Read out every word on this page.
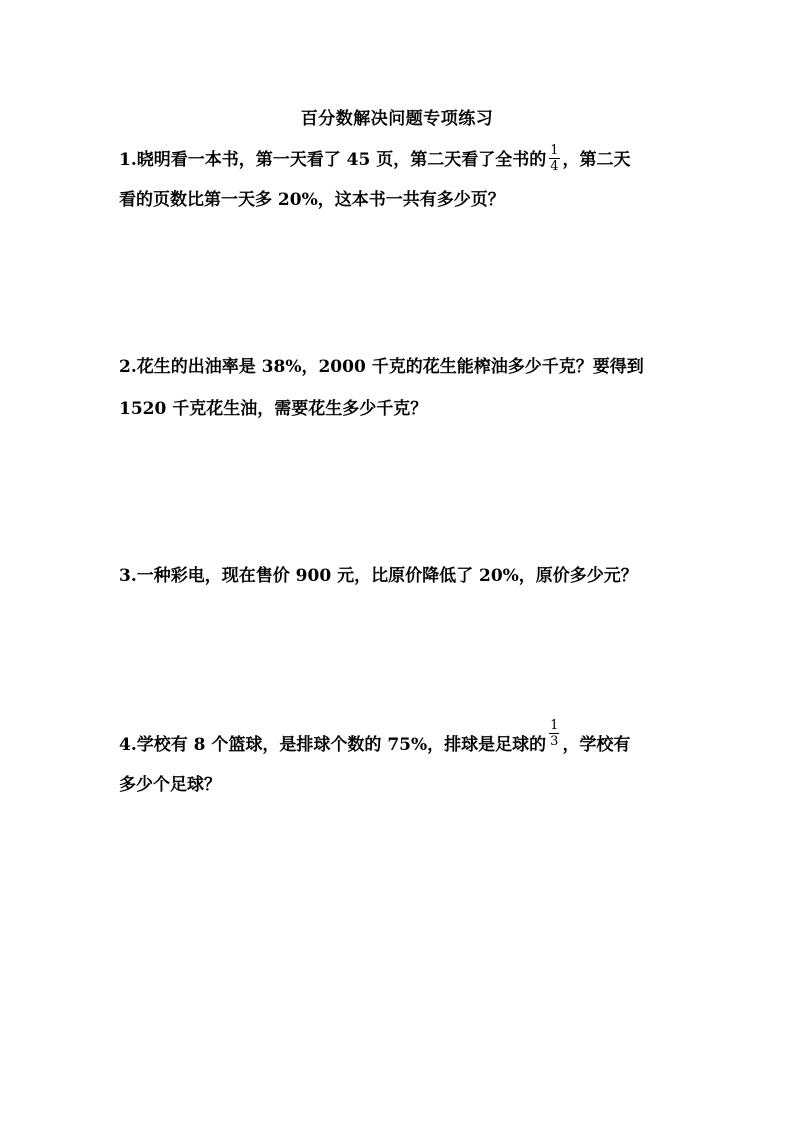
百分数解决问题专项练习
1.晓明看一本书，第一天看了 45 页，第二天看了全书的 $\frac{1}{4}$ ，第二天
看的页数比第一天多 20%，这本书一共有多少页？
2.花生的出油率是 38%，2000 千克的花生能榨油多少千克？要得到
1520 千克花生油，需要花生多少千克？
3.一种彩电，现在售价 900 元，比原价降低了 20%，原价多少元？
4.学校有 8 个篮球，是排球个数的 75%，排球是足球的 $\frac{1}{3}$ ，学校有
多少个足球？
